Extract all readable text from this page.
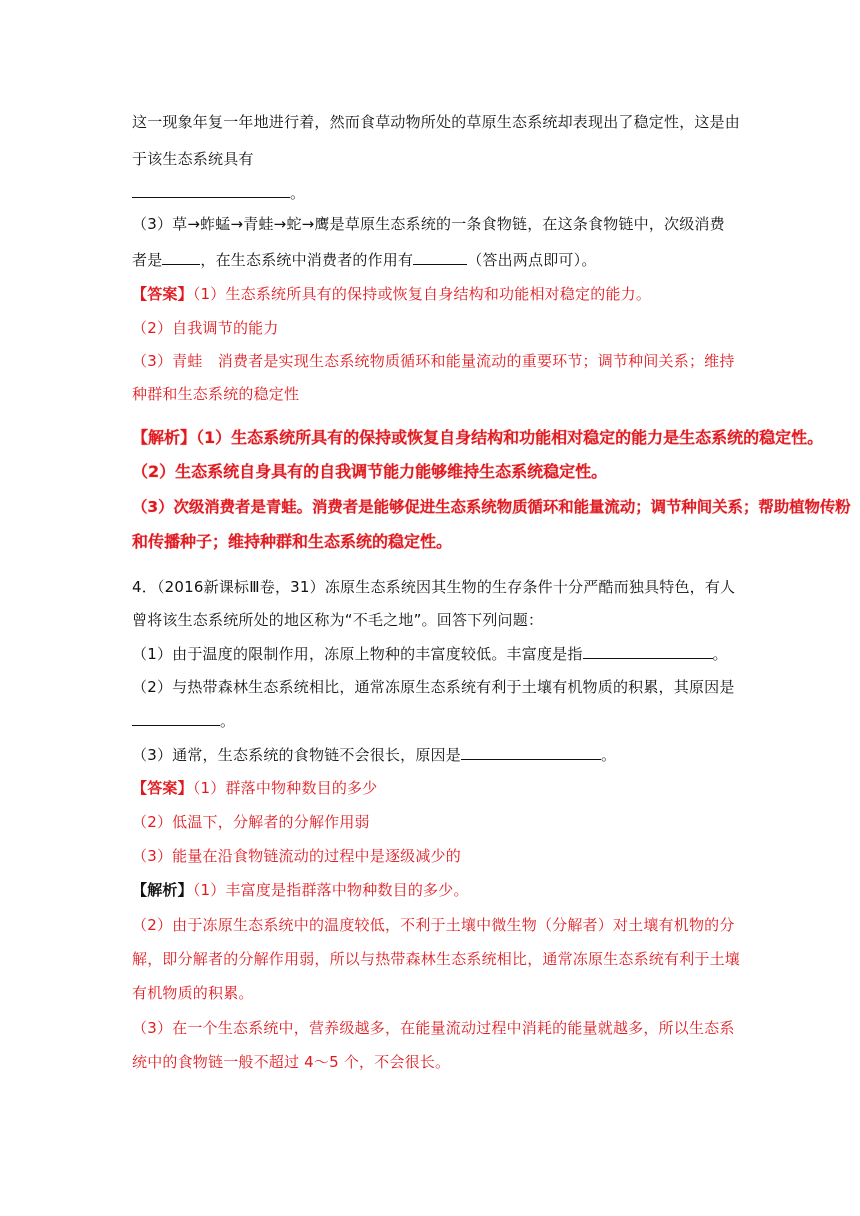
这一现象年复一年地进行着，然而食草动物所处的草原生态系统却表现出了稳定性，这是由
于该生态系统具有
。
（3）草→蚱蜢→青蛙→蛇→鹰是草原生态系统的一条食物链，在这条食物链中，次级消费
者是	，在生态系统中消费者的作用有	（答出两点即可）。
【答案】（1）生态系统所具有的保持或恢复自身结构和功能相对稳定的能力。
（2）自我调节的能力
（3）青蛙　消费者是实现生态系统物质循环和能量流动的重要环节；调节种间关系；维持
种群和生态系统的稳定性
【解析】（1）生态系统所具有的保持或恢复自身结构和功能相对稳定的能力是生态系统的稳定性。
（2）生态系统自身具有的自我调节能力能够维持生态系统稳定性。
（3）次级消费者是青蛙。消费者是能够促进生态系统物质循环和能量流动；调节种间关系；帮助植物传粉
和传播种子；维持种群和生态系统的稳定性。
4．（2016新课标Ⅲ卷，31）冻原生态系统因其生物的生存条件十分严酷而独具特色，有人
曾将该生态系统所处的地区称为“不毛之地”。回答下列问题：
（1）由于温度的限制作用，冻原上物种的丰富度较低。丰富度是指	。
（2）与热带森林生态系统相比，通常冻原生态系统有利于土壤有机物质的积累，其原因是
。
（3）通常，生态系统的食物链不会很长，原因是	。
【答案】（1）群落中物种数目的多少
（2）低温下，分解者的分解作用弱
（3）能量在沿食物链流动的过程中是逐级减少的
【解析】（1）丰富度是指群落中物种数目的多少。
（2）由于冻原生态系统中的温度较低，不利于土壤中微生物（分解者）对土壤有机物的分
解，即分解者的分解作用弱，所以与热带森林生态系统相比，通常冻原生态系统有利于土壤
有机物质的积累。
（3）在一个生态系统中，营养级越多，在能量流动过程中消耗的能量就越多，所以生态系
统中的食物链一般不超过 4～5 个，不会很长。
